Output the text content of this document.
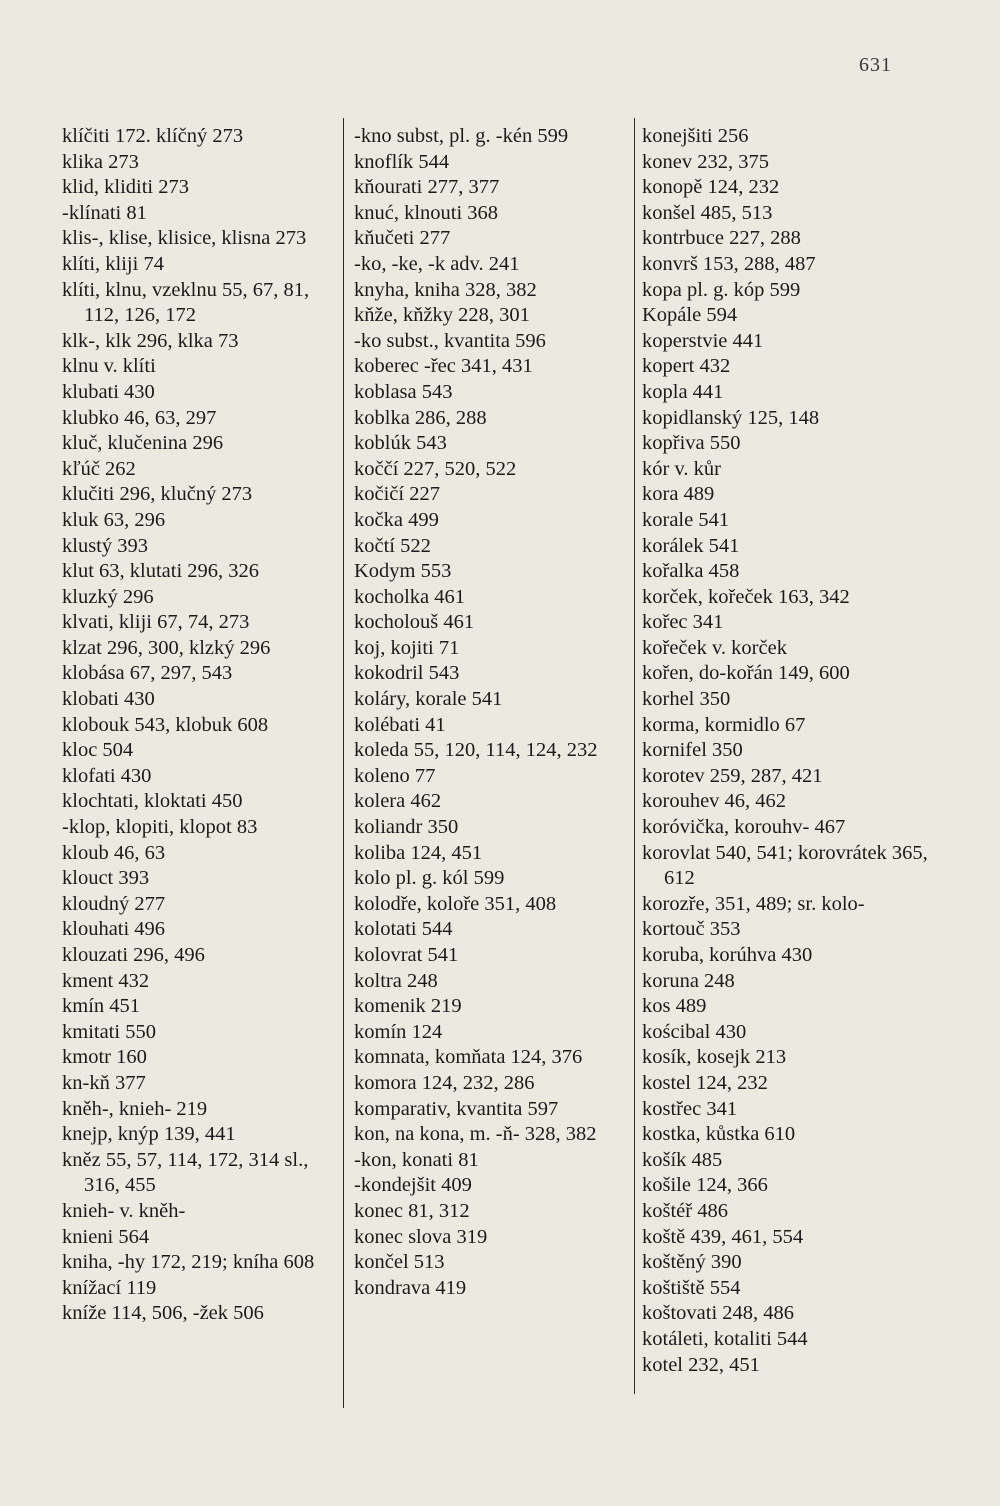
631

klíčiti 172. klíčný 273

klika 273

klid, kliditi 273

-klínati 81

klis-, klise, klisice, klisna 273

klíti, kliji 74

klíti, klnu, vzeklnu 55, 67, 81, 112, 126, 172

klk-, klk 296, klka 73

klnu v. klíti

klubati 430

klubko 46, 63, 297

kluč, klučenina 296

kľúč 262

klučiti 296, klučný 273

kluk 63, 296

klustý 393

klut 63, klutati 296, 326

kluzký 296

klvati, kliji 67, 74, 273

klzat 296, 300, klzký 296

klobása 67, 297, 543

klobati 430

klobouk 543, klobuk 608

kloc 504

klofati 430

klochtati, kloktati 450

-klop, klopiti, klopot 83

kloub 46, 63

klouct 393

kloudný 277

klouhati 496

klouzati 296, 496

kment 432

kmín 451

kmitati 550

kmotr 160

kn-kň 377

kněh-, knieh- 219

knejp, knýp 139, 441

kněz 55, 57, 114, 172, 314 sl., 316, 455

knieh- v. kněh-

knieni 564

kniha, -hy 172, 219; kníha 608

knížací 119

kníže 114, 506, -žek 506

-kno subst, pl. g. -kén 599

knoflík 544

kňourati 277, 377

knuć, klnouti 368

kňučeti 277

-ko, -ke, -k adv. 241

knyha, kniha 328, 382

kňže, kňžky 228, 301

-ko subst., kvantita 596

koberec -řec 341, 431

koblasa 543

koblka 286, 288

koblúk 543

koččí 227, 520, 522

kočičí 227

kočka 499

kočtí 522

Kodym 553

kocholka 461

kocholouš 461

koj, kojiti 71

kokodril 543

koláry, korale 541

kolébati 41

koleda 55, 120, 114, 124, 232

koleno 77

kolera 462

koliandr 350

koliba 124, 451

kolo pl. g. kól 599

kolodře, koloře 351, 408

kolotati 544

kolovrat 541

koltra 248

komenik 219

komín 124

komnata, komňata 124, 376

komora 124, 232, 286

komparativ, kvantita 597

kon, na kona, m. -ň- 328, 382

-kon, konati 81

-kondejšit 409

konec 81, 312

konec slova 319

končel 513

kondrava 419

konejšiti 256

konev 232, 375

konopě 124, 232

konšel 485, 513

kontrbuce 227, 288

konvrš 153, 288, 487

kopa pl. g. kóp 599

Kopále 594

koperstvie 441

kopert 432

kopla 441

kopidlanský 125, 148

kopřiva 550

kór v. kůr

kora 489

korale 541

korálek 541

kořalka 458

korček, kořeček 163, 342

kořec 341

kořeček v. korček

kořen, do-kořán 149, 600

korhel 350

korma, kormidlo 67

kornifel 350

korotev 259, 287, 421

korouhev 46, 462

koróvička, korouhv- 467

korovlat 540, 541; korovrátek 365, 612

korozře, 351, 489; sr. kolo-

kortouč 353

koruba, korúhva 430

koruna 248

kos 489

kościbal 430

kosík, kosejk 213

kostel 124, 232

kostřec 341

kostka, kůstka 610

košík 485

košile 124, 366

koštéř 486

koště 439, 461, 554

koštěný 390

koštiště 554

koštovati 248, 486

kotáleti, kotaliti 544

kotel 232, 451
